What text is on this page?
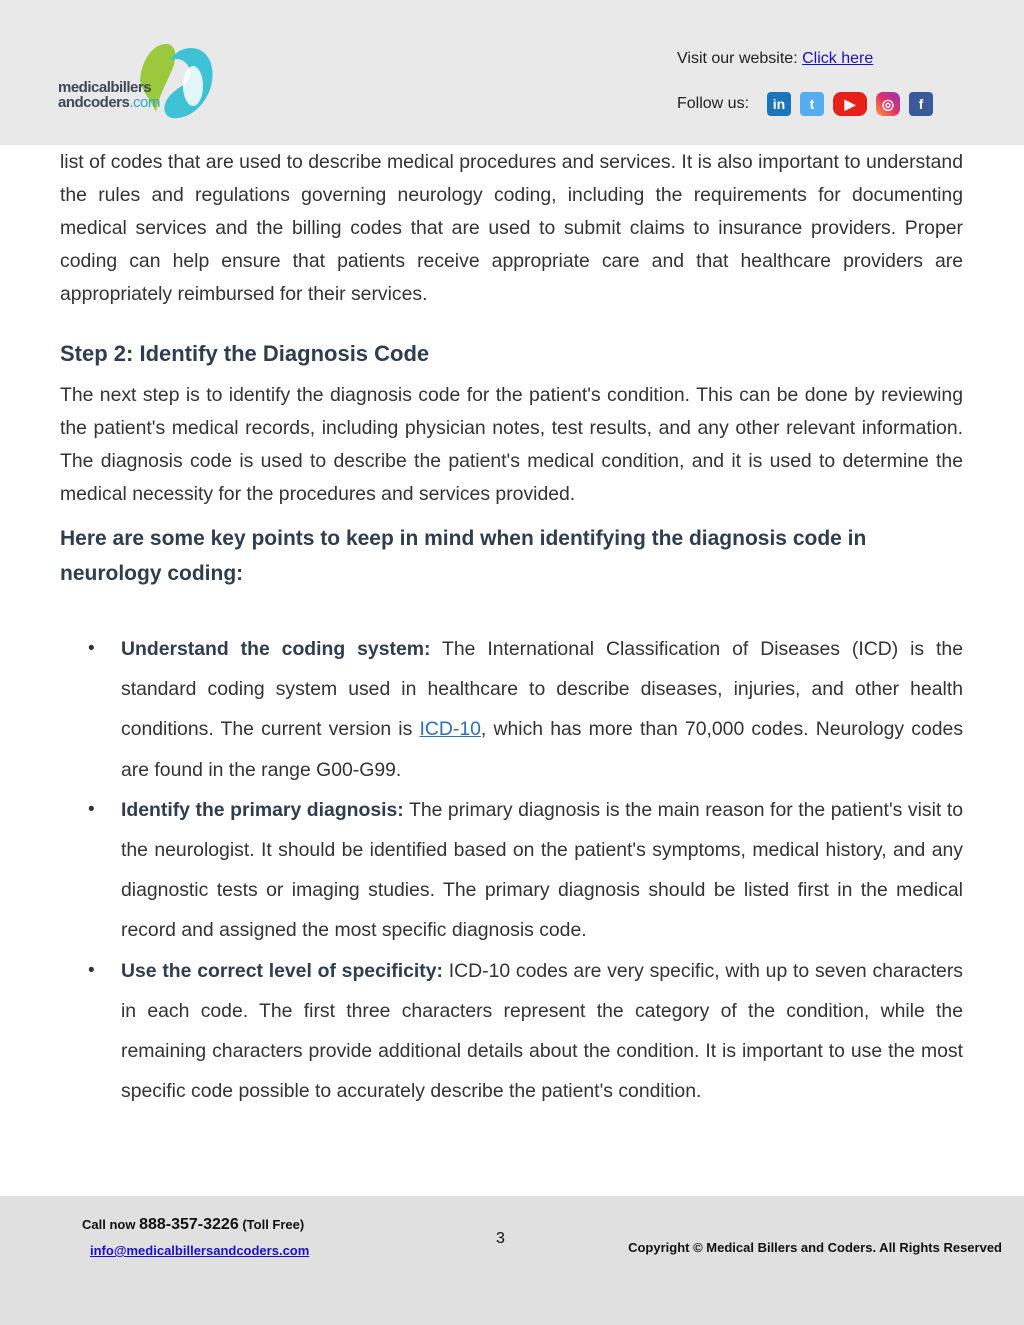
medicalbillers
andcoders.com
Visit our website: Click here
Follow us:	in	t	▶	◎	f

list of codes that are used to describe medical procedures and services. It is also important to understand the rules and regulations governing neurology coding, including the requirements for documenting medical services and the billing codes that are used to submit claims to insurance providers. Proper coding can help ensure that patients receive appropriate care and that healthcare providers are appropriately reimbursed for their services.

Step 2: Identify the Diagnosis Code

The next step is to identify the diagnosis code for the patient's condition. This can be done by reviewing the patient's medical records, including physician notes, test results, and any other relevant information. The diagnosis code is used to describe the patient's medical condition, and it is used to determine the medical necessity for the procedures and services provided.

Here are some key points to keep in mind when identifying the diagnosis code in neurology coding:
• Understand the coding system: The International Classification of Diseases (ICD) is the standard coding system used in healthcare to describe diseases, injuries, and other health conditions. The current version is ICD-10, which has more than 70,000 codes. Neurology codes are found in the range G00-G99.
• Identify the primary diagnosis: The primary diagnosis is the main reason for the patient's visit to the neurologist. It should be identified based on the patient's symptoms, medical history, and any diagnostic tests or imaging studies. The primary diagnosis should be listed first in the medical record and assigned the most specific diagnosis code.
• Use the correct level of specificity: ICD-10 codes are very specific, with up to seven characters in each code. The first three characters represent the category of the condition, while the remaining characters provide additional details about the condition. It is important to use the most specific code possible to accurately describe the patient's condition.
Call now 888-357-3226 (Toll Free)
info@medicalbillersandcoders.com
3
Copyright © Medical Billers and Coders. All Rights Reserved
